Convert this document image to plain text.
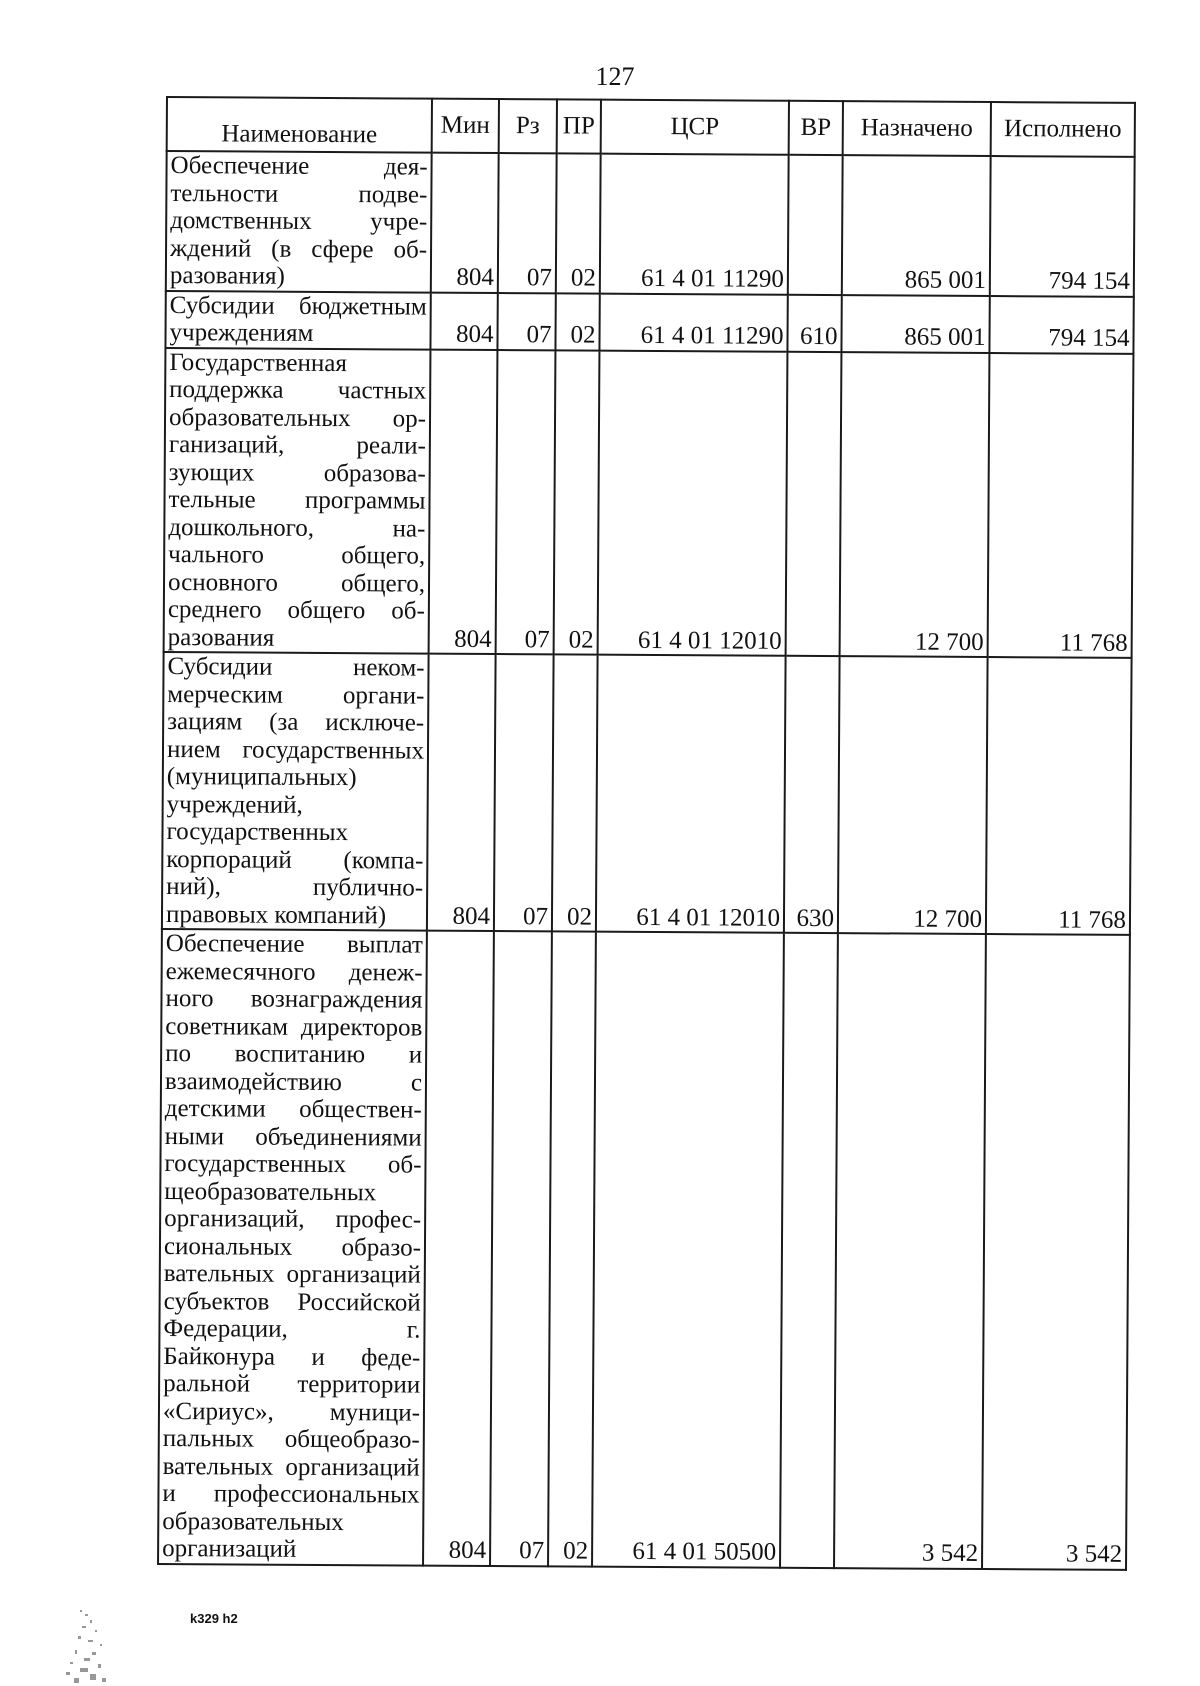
127
Наименование	Мин	Рз	ПР	ЦСР	ВР	Назначено	Исполнено
Обеспечение деятельности подведомственных учреждений (в сфере образования)	804	07	02	61 4 01 11290		865 001	794 154
Субсидии бюджетным учреждениям	804	07	02	61 4 01 11290	610	865 001	794 154
Государственная поддержка частных образовательных организаций, реализующих образовательные программы дошкольного, начального общего, основного общего, среднего общего образования	804	07	02	61 4 01 12010		12 700	11 768
Субсидии некоммерческим организациям (за исключением государственных (муниципальных) учреждений, государственных корпораций (компаний), публично-правовых компаний)	804	07	02	61 4 01 12010	630	12 700	11 768
Обеспечение выплат ежемесячного денежного вознаграждения советникам директоров по воспитанию и взаимодействию с детскими общественными объединениями государственных общеобразовательных организаций, профессиональных образовательных организаций субъектов Российской Федерации, г. Байконура и федеральной территории «Сириус», муниципальных общеобразовательных организаций и профессиональных образовательных организаций	804	07	02	61 4 01 50500		3 542	3 542
k329 h2
